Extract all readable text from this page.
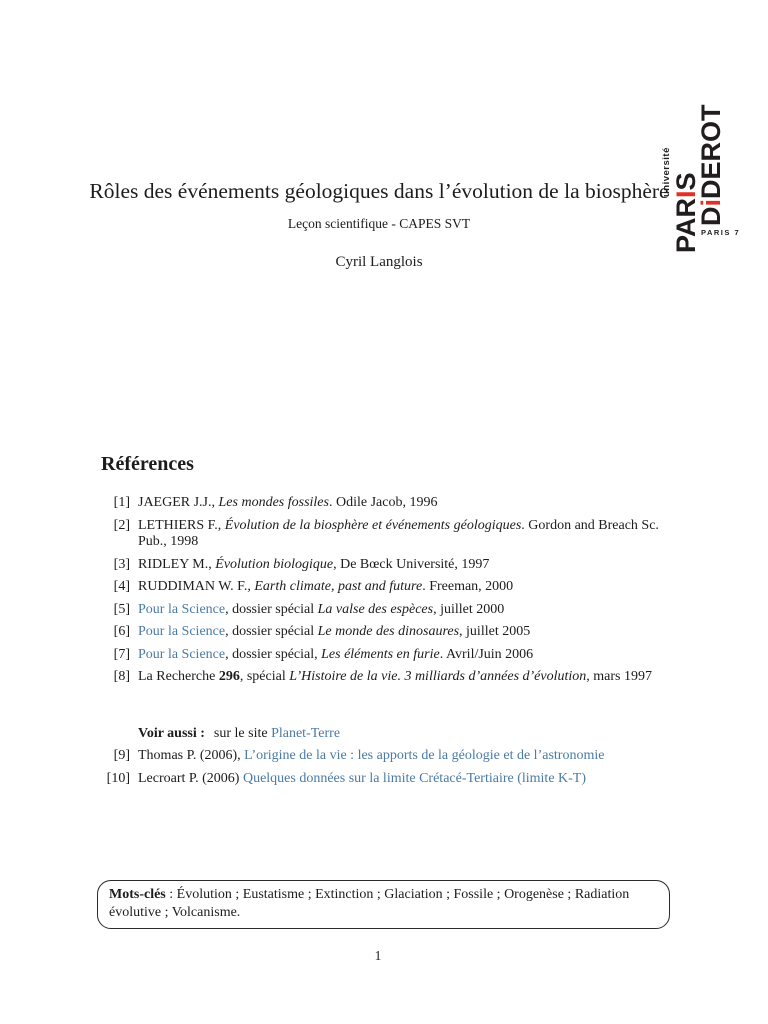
Rôles des événements géologiques dans l’évolution de la biosphère
Leçon scientifique - CAPES SVT
Cyril Langlois
université
PARIS
DiDEROT
PARIS 7
Références
[1] JAEGER J.J., Les mondes fossiles. Odile Jacob, 1996
[2] LETHIERS F., Évolution de la biosphère et événements géologiques. Gordon and Breach Sc. Pub., 1998
[3] RIDLEY M., Évolution biologique, De Bœck Université, 1997
[4] RUDDIMAN W. F., Earth climate, past and future. Freeman, 2000
[5] Pour la Science, dossier spécial La valse des espèces, juillet 2000
[6] Pour la Science, dossier spécial Le monde des dinosaures, juillet 2005
[7] Pour la Science, dossier spécial, Les éléments en furie. Avril/Juin 2006
[8] La Recherche 296, spécial L’Histoire de la vie. 3 milliards d’années d’évolution, mars 1997
Voir aussi : sur le site Planet-Terre
[9] Thomas P. (2006), L’origine de la vie : les apports de la géologie et de l’astronomie
[10] Lecroart P. (2006) Quelques données sur la limite Crétacé-Tertiaire (limite K-T)
Mots-clés : Évolution ; Eustatisme ; Extinction ; Glaciation ; Fossile ; Orogenèse ; Radiation évolutive ; Volcanisme.
1
